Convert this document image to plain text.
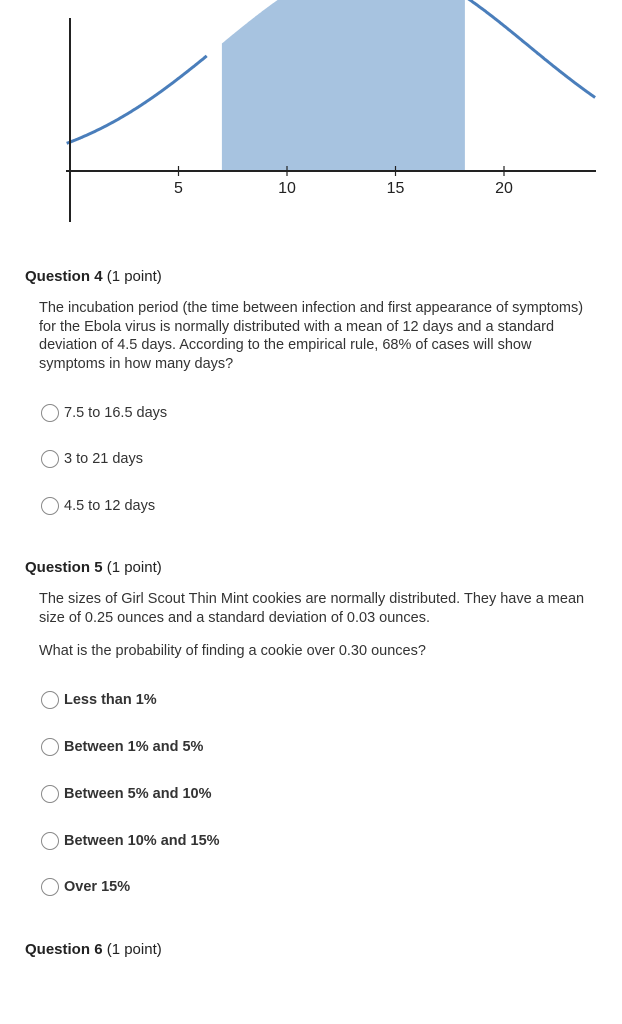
5	10	15	20
Question 4 (1 point)
The incubation period (the time between infection and first appearance of symptoms) for the Ebola virus is normally distributed with a mean of 12 days and a standard deviation of 4.5 days. According to the empirical rule, 68% of cases will show symptoms in how many days?
7.5 to 16.5 days
3 to 21 days
4.5 to 12 days
Question 5 (1 point)
The sizes of Girl Scout Thin Mint cookies are normally distributed. They have a mean size of 0.25 ounces and a standard deviation of 0.03 ounces.
What is the probability of finding a cookie over 0.30 ounces?
Less than 1%
Between 1% and 5%
Between 5% and 10%
Between 10% and 15%
Over 15%
Question 6 (1 point)
